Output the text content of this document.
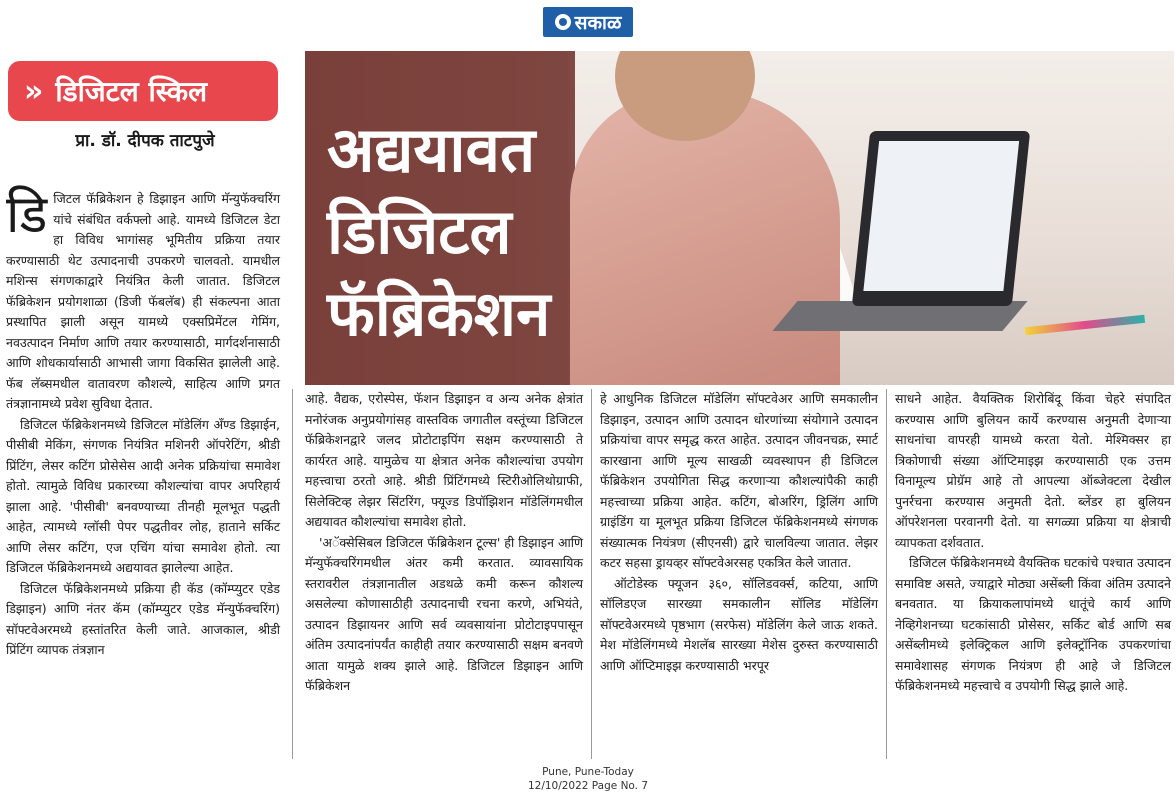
सकाळ
» डिजिटल स्किल
प्रा. डॉ. दीपक ताटपुजे	अद्ययावत
डिजिटल
फॅब्रिकेशन

डिजिटल फॅब्रिकेशन हे डिझाइन आणि मॅन्युफॅक्चरिंग यांचे संबंधित वर्कफ्लो आहे. यामध्ये डिजिटल डेटा हा विविध भागांसह भूमितीय प्रक्रिया तयार करण्यासाठी थेट उत्पादनाची उपकरणे चालवतो. यामधील मशिन्स संगणकाद्वारे नियंत्रित केली जातात. डिजिटल फॅब्रिकेशन प्रयोगशाळा (डिजी फॅबलॅब) ही संकल्पना आता प्रस्थापित झाली असून यामध्ये एक्सप्रिमेंटल गेमिंग, नवउत्पादन निर्माण आणि तयार करण्यासाठी, मार्गदर्शनासाठी आणि शोधकार्यासाठी आभासी जागा विकसित झालेली आहे. फॅब लॅब्समधील वातावरण कौशल्ये, साहित्य आणि प्रगत तंत्रज्ञानामध्ये प्रवेश सुविधा देतात.

डिजिटल फॅब्रिकेशनमध्ये डिजिटल मॉडेलिंग अँण्ड डिझाईन, पीसीबी मेकिंग, संगणक नियंत्रित मशिनरी ऑपरेटिंग, श्रीडी प्रिंटिंग, लेसर कटिंग प्रोसेसेस आदी अनेक प्रक्रियांचा समावेश होतो. त्यामुळे विविध प्रकारच्या कौशल्यांचा वापर अपरिहार्य झाला आहे. 'पीसीबी' बनवण्याच्या तीनही मूलभूत पद्धती आहेत, त्यामध्ये ग्लॉसी पेपर पद्धतीवर लोह, हाताने सर्किट आणि लेसर कटिंग, एज एचिंग यांचा समावेश होतो. त्या डिजिटल फॅब्रिकेशनमध्ये अद्ययावत झालेल्या आहेत.

डिजिटल फॅब्रिकेशनमध्ये प्रक्रिया ही कॅड (कॉम्प्युटर एडेड डिझाइन) आणि नंतर कॅम (कॉम्प्युटर एडेड मॅन्युफॅक्चरिंग) सॉफ्टवेअरमध्ये हस्तांतरित केली जाते. आजकाल, श्रीडी प्रिंटिंग व्यापक तंत्रज्ञान

आहे. वैद्यक, एरोस्पेस, फॅशन डिझाइन व अन्य अनेक क्षेत्रांत मनोरंजक अनुप्रयोगांसह वास्तविक जगातील वस्तूंच्या डिजिटल फॅब्रिकेशनद्वारे जलद प्रोटोटाइपिंग सक्षम करण्यासाठी ते कार्यरत आहे. यामुळेच या क्षेत्रात अनेक कौशल्यांचा उपयोग महत्त्वाचा ठरतो आहे. श्रीडी प्रिंटिंगमध्ये स्टिरीओलिथोग्राफी, सिलेक्टिव्ह लेझर सिंटरिंग, फ्यूज्ड डिपॉझिशन मॉडेलिंगमधील अद्ययावत कौशल्यांचा समावेश होतो.

'अॅक्सेसिबल डिजिटल फॅब्रिकेशन टूल्स' ही डिझाइन आणि मॅन्युफॅक्चरिंगमधील अंतर कमी करतात. व्यावसायिक स्तरावरील तंत्रज्ञानातील अडथळे कमी करून कौशल्य असलेल्या कोणासाठीही उत्पादनाची रचना करणे, अभियंते, उत्पादन डिझायनर आणि सर्व व्यवसायांना प्रोटोटाइपपासून अंतिम उत्पादनांपर्यंत काहीही तयार करण्यासाठी सक्षम बनवणे आता यामुळे शक्य झाले आहे. डिजिटल डिझाइन आणि फॅब्रिकेशन

हे आधुनिक डिजिटल मॉडेलिंग सॉफ्टवेअर आणि समकालीन डिझाइन, उत्पादन आणि उत्पादन धोरणांच्या संयोगाने उत्पादन प्रक्रियांचा वापर समृद्ध करत आहेत. उत्पादन जीवनचक्र, स्मार्ट कारखाना आणि मूल्य साखळी व्यवस्थापन ही डिजिटल फॅब्रिकेशन उपयोगिता सिद्ध करणाऱ्या कौशल्यांपैकी काही महत्त्वाच्या प्रक्रिया आहेत. कटिंग, बोअरिंग, ड्रिलिंग आणि ग्राइंडिंग या मूलभूत प्रक्रिया डिजिटल फॅब्रिकेशनमध्ये संगणक संख्यात्मक नियंत्रण (सीएनसी) द्वारे चालविल्या जातात. लेझर कटर सहसा ड्रायव्हर सॉफ्टवेअरसह एकत्रित केले जातात.

ऑटोडेस्क फ्यूजन ३६०, सॉलिडवर्क्स, कटिया, आणि सॉलिडएज सारख्या समकालीन सॉलिड मॉडेलिंग सॉफ्टवेअरमध्ये पृष्ठभाग (सरफेस) मॉडेलिंग केले जाऊ शकते. मेश मॉडेलिंगमध्ये मेशलॅब सारख्या मेशेस दुरुस्त करण्यासाठी आणि ऑप्टिमाइझ करण्यासाठी भरपूर

साधने आहेत. वैयक्तिक शिरोबिंदू किंवा चेहरे संपादित करण्यास आणि बुलियन कार्ये करण्यास अनुमती देणाऱ्या साधनांचा वापरही यामध्ये करता येतो. मेश्मिक्सर हा त्रिकोणाची संख्या ऑप्टिमाइझ करण्यासाठी एक उत्तम विनामूल्य प्रोग्रॅम आहे तो आपल्या ऑब्जेक्टला देखील पुनर्रचना करण्यास अनुमती देतो. ब्लेंडर हा बुलियन ऑपरेशनला परवानगी देतो. या सगळ्या प्रक्रिया या क्षेत्राची व्यापकता दर्शवतात.

डिजिटल फॅब्रिकेशनमध्ये वैयक्तिक घटकांचे पश्चात उत्पादन समाविष्ट असते, ज्याद्वारे मोठ्या असेंब्ली किंवा अंतिम उत्पादने बनवतात. या क्रियाकलापांमध्ये धातूंचे कार्य आणि नेव्हिगेशनच्या घटकांसाठी प्रोसेसर, सर्किट बोर्ड आणि सब असेंब्लीमध्ये इलेक्ट्रिकल आणि इलेक्ट्रॉनिक उपकरणांचा समावेशासह संगणक नियंत्रण ही आहे जे डिजिटल फॅब्रिकेशनमध्ये महत्त्वाचे व उपयोगी सिद्ध झाले आहे.

Pune, Pune-Today
12/10/2022 Page No. 7
